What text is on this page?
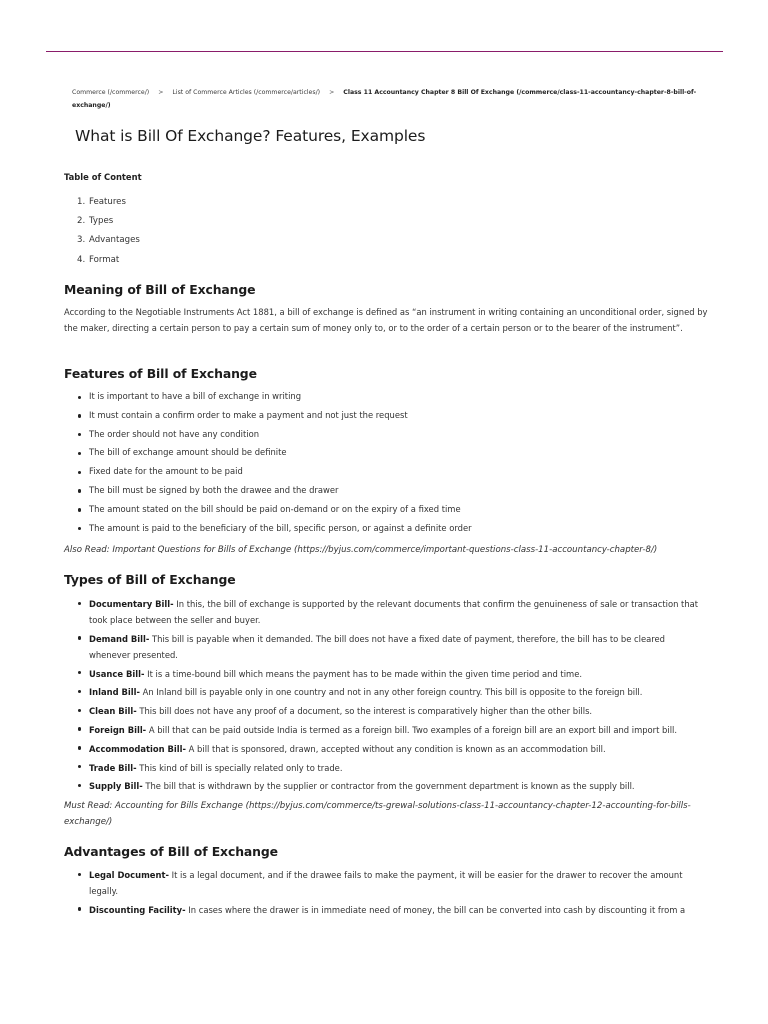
Commerce (/commerce/) > List of Commerce Articles (/commerce/articles/) > Class 11 Accountancy Chapter 8 Bill Of Exchange (/commerce/class-11-accountancy-chapter-8-bill-of-exchange/)
What is Bill Of Exchange? Features, Examples
Table of Content
1. Features
2. Types
3. Advantages
4. Format
Meaning of Bill of Exchange

According to the Negotiable Instruments Act 1881, a bill of exchange is defined as “an instrument in writing containing an unconditional order, signed by the maker, directing a certain person to pay a certain sum of money only to, or to the order of a certain person or to the bearer of the instrument”.

Features of Bill of Exchange
It is important to have a bill of exchange in writing
It must contain a confirm order to make a payment and not just the request
The order should not have any condition
The bill of exchange amount should be definite
Fixed date for the amount to be paid
The bill must be signed by both the drawee and the drawer
The amount stated on the bill should be paid on-demand or on the expiry of a fixed time
The amount is paid to the beneficiary of the bill, specific person, or against a definite order

Also Read: Important Questions for Bills of Exchange (https://byjus.com/commerce/important-questions-class-11-accountancy-chapter-8/)

Types of Bill of Exchange
Documentary Bill- In this, the bill of exchange is supported by the relevant documents that confirm the genuineness of sale or transaction that took place between the seller and buyer.
Demand Bill- This bill is payable when it demanded. The bill does not have a fixed date of payment, therefore, the bill has to be cleared whenever presented.
Usance Bill- It is a time-bound bill which means the payment has to be made within the given time period and time.
Inland Bill- An Inland bill is payable only in one country and not in any other foreign country. This bill is opposite to the foreign bill.
Clean Bill- This bill does not have any proof of a document, so the interest is comparatively higher than the other bills.
Foreign Bill- A bill that can be paid outside India is termed as a foreign bill. Two examples of a foreign bill are an export bill and import bill.
Accommodation Bill- A bill that is sponsored, drawn, accepted without any condition is known as an accommodation bill.
Trade Bill- This kind of bill is specially related only to trade.
Supply Bill- The bill that is withdrawn by the supplier or contractor from the government department is known as the supply bill.

Must Read: Accounting for Bills Exchange (https://byjus.com/commerce/ts-grewal-solutions-class-11-accountancy-chapter-12-accounting-for-bills-exchange/)

Advantages of Bill of Exchange
Legal Document- It is a legal document, and if the drawee fails to make the payment, it will be easier for the drawer to recover the amount legally.
Discounting Facility- In cases where the drawer is in immediate need of money, the bill can be converted into cash by discounting it from a
